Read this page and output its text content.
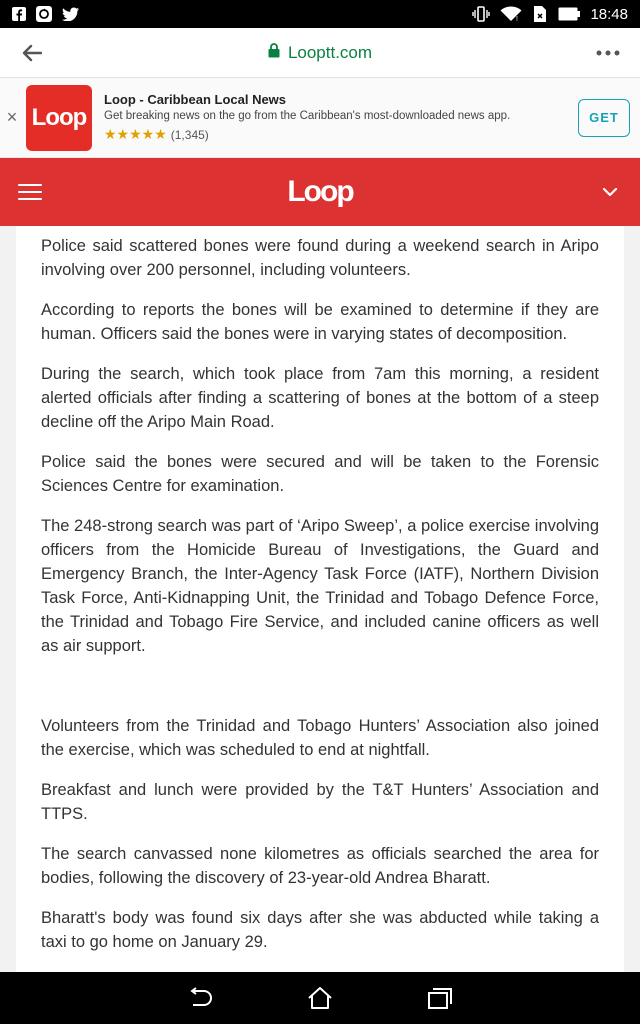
!	18:48
Looptt.com
× Loop
Loop - Caribbean Local News
Get breaking news on the go from the Caribbean's most-downloaded news app.
★★★★★ (1,345)
GET
Loop

Police said scattered bones were found during a weekend search in Aripo involving over 200 personnel, including volunteers.

According to reports the bones will be examined to determine if they are human. Officers said the bones were in varying states of decomposition.

During the search, which took place from 7am this morning, a resident alerted officials after finding a scattering of bones at the bottom of a steep decline off the Aripo Main Road.

Police said the bones were secured and will be taken to the Forensic Sciences Centre for examination.

The 248-strong search was part of ‘Aripo Sweep’, a police exercise involving officers from the Homicide Bureau of Investigations, the Guard and Emergency Branch, the Inter-Agency Task Force (IATF), Northern Division Task Force, Anti-Kidnapping Unit, the Trinidad and Tobago Defence Force, the Trinidad and Tobago Fire Service, and included canine officers as well as air support.

Volunteers from the Trinidad and Tobago Hunters’ Association also joined the exercise, which was scheduled to end at nightfall.

Breakfast and lunch were provided by the T&T Hunters’ Association and TTPS.

The search canvassed none kilometres as officials searched the area for bodies, following the discovery of 23-year-old Andrea Bharatt.

Bharatt's body was found six days after she was abducted while taking a taxi to go home on January 29.
